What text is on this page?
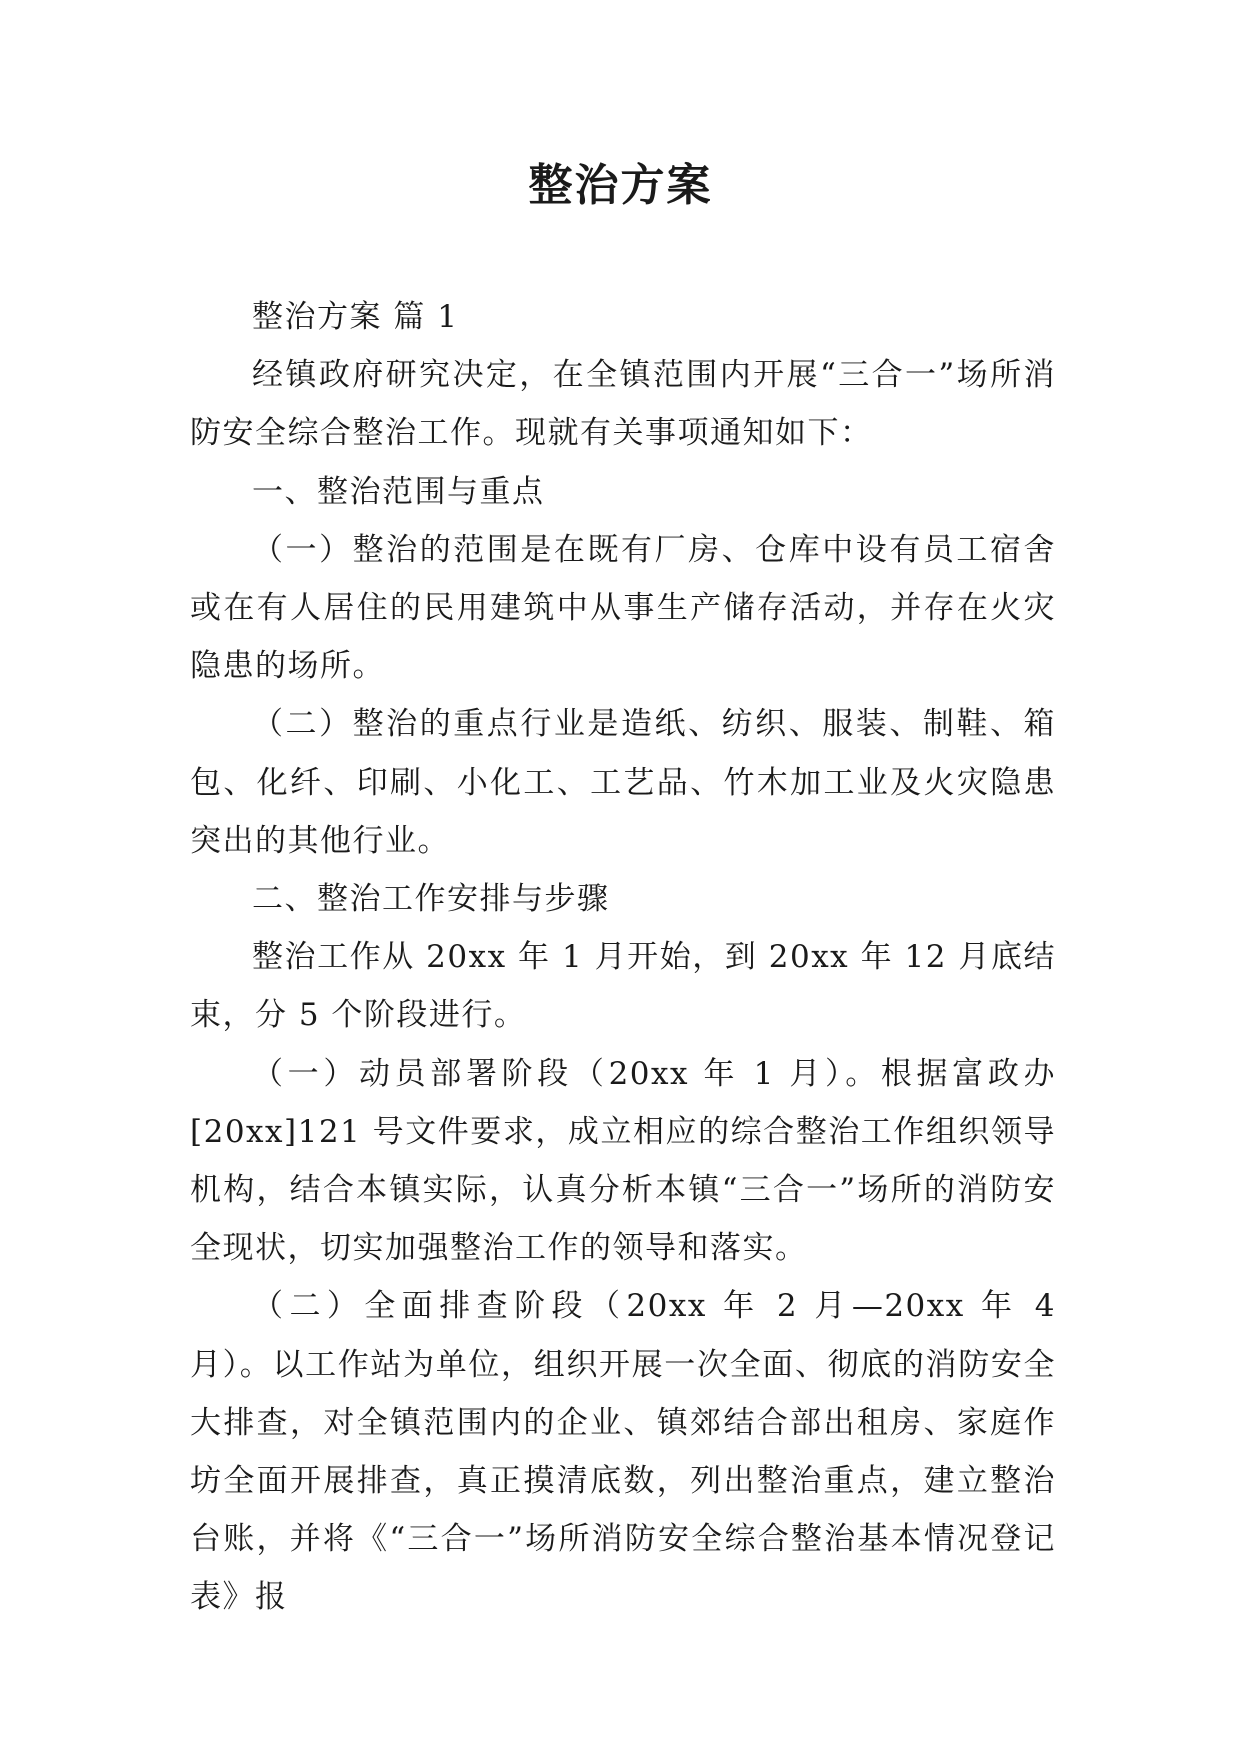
整治方案

整治方案 篇 1

经镇政府研究决定，在全镇范围内开展“三合一”场所消防安全综合整治工作。现就有关事项通知如下：

一、整治范围与重点

（一）整治的范围是在既有厂房、仓库中设有员工宿舍或在有人居住的民用建筑中从事生产储存活动，并存在火灾隐患的场所。

（二）整治的重点行业是造纸、纺织、服装、制鞋、箱包、化纤、印刷、小化工、工艺品、竹木加工业及火灾隐患突出的其他行业。

二、整治工作安排与步骤

整治工作从 20xx 年 1 月开始，到 20xx 年 12 月底结束，分 5 个阶段进行。

（一）动员部署阶段（20xx 年 1 月）。根据富政办[20xx]121 号文件要求，成立相应的综合整治工作组织领导机构，结合本镇实际，认真分析本镇“三合一”场所的消防安全现状，切实加强整治工作的领导和落实。

（二）全面排查阶段（20xx 年 2 月—20xx 年 4 月）。以工作站为单位，组织开展一次全面、彻底的消防安全大排查，对全镇范围内的企业、镇郊结合部出租房、家庭作坊全面开展排查，真正摸清底数，列出整治重点，建立整治台账，并将《“三合一”场所消防安全综合整治基本情况登记表》报
